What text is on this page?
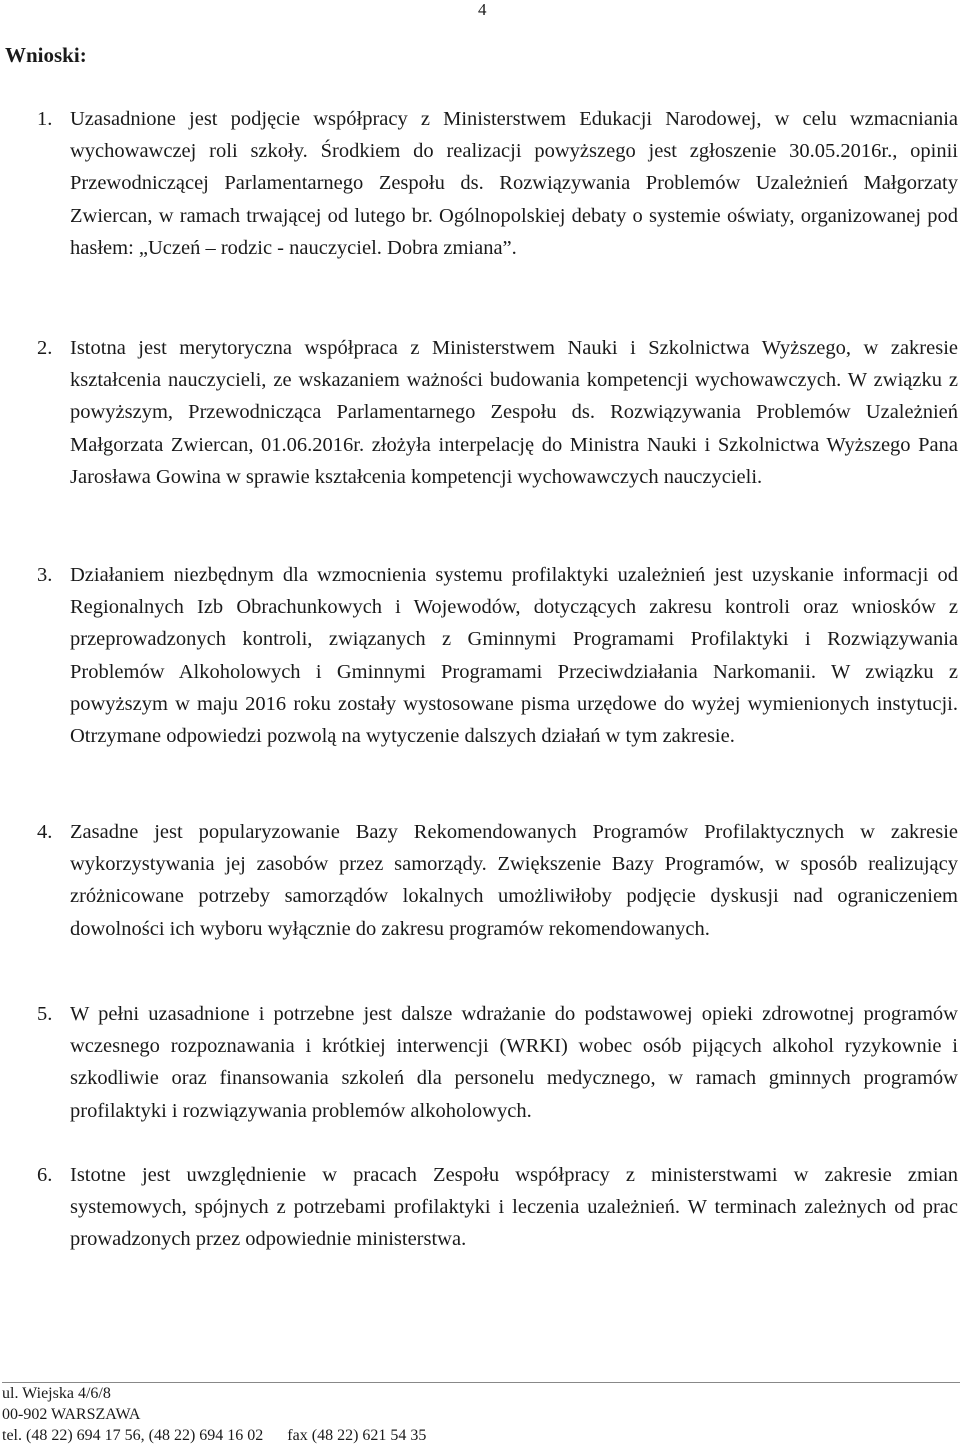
4
Wnioski:
1. Uzasadnione jest podjęcie współpracy z Ministerstwem Edukacji Narodowej, w celu wzmacniania wychowawczej roli szkoły. Środkiem do realizacji powyższego jest zgłoszenie 30.05.2016r., opinii Przewodniczącej Parlamentarnego Zespołu ds. Rozwiązywania Problemów Uzależnień Małgorzaty Zwiercan, w ramach trwającej od lutego br. Ogólnopolskiej debaty o systemie oświaty, organizowanej pod hasłem: „Uczeń – rodzic - nauczyciel. Dobra zmiana”.
2. Istotna jest merytoryczna współpraca z Ministerstwem Nauki i Szkolnictwa Wyższego, w zakresie kształcenia nauczycieli, ze wskazaniem ważności budowania kompetencji wychowawczych. W związku z powyższym, Przewodnicząca Parlamentarnego Zespołu ds. Rozwiązywania Problemów Uzależnień Małgorzata Zwiercan, 01.06.2016r. złożyła interpelację do Ministra Nauki i Szkolnictwa Wyższego Pana Jarosława Gowina w sprawie kształcenia kompetencji wychowawczych nauczycieli.
3. Działaniem niezbędnym dla wzmocnienia systemu profilaktyki uzależnień jest uzyskanie informacji od Regionalnych Izb Obrachunkowych i Wojewodów, dotyczących zakresu kontroli oraz wniosków z przeprowadzonych kontroli, związanych z Gminnymi Programami Profilaktyki i Rozwiązywania Problemów Alkoholowych i Gminnymi Programami Przeciwdziałania Narkomanii. W związku z powyższym w maju 2016 roku zostały wystosowane pisma urzędowe do wyżej wymienionych instytucji. Otrzymane odpowiedzi pozwolą na wytyczenie dalszych działań w tym zakresie.
4. Zasadne jest popularyzowanie Bazy Rekomendowanych Programów Profilaktycznych w zakresie wykorzystywania jej zasobów przez samorządy. Zwiększenie Bazy Programów, w sposób realizujący zróżnicowane potrzeby samorządów lokalnych umożliwiłoby podjęcie dyskusji nad ograniczeniem dowolności ich wyboru wyłącznie do zakresu programów rekomendowanych.
5. W pełni uzasadnione i potrzebne jest dalsze wdrażanie do podstawowej opieki zdrowotnej programów wczesnego rozpoznawania i krótkiej interwencji (WRKI) wobec osób pijących alkohol ryzykownie i szkodliwie oraz finansowania szkoleń dla personelu medycznego, w ramach gminnych programów profilaktyki i rozwiązywania problemów alkoholowych.
6. Istotne jest uwzględnienie w pracach Zespołu współpracy z ministerstwami w zakresie zmian systemowych, spójnych z potrzebami profilaktyki i leczenia uzależnień. W terminach zależnych od prac prowadzonych przez odpowiednie ministerstwa.
ul. Wiejska 4/6/8
00-902 WARSZAWA
tel. (48 22) 694 17 56, (48 22) 694 16 02      fax (48 22) 621 54 35
